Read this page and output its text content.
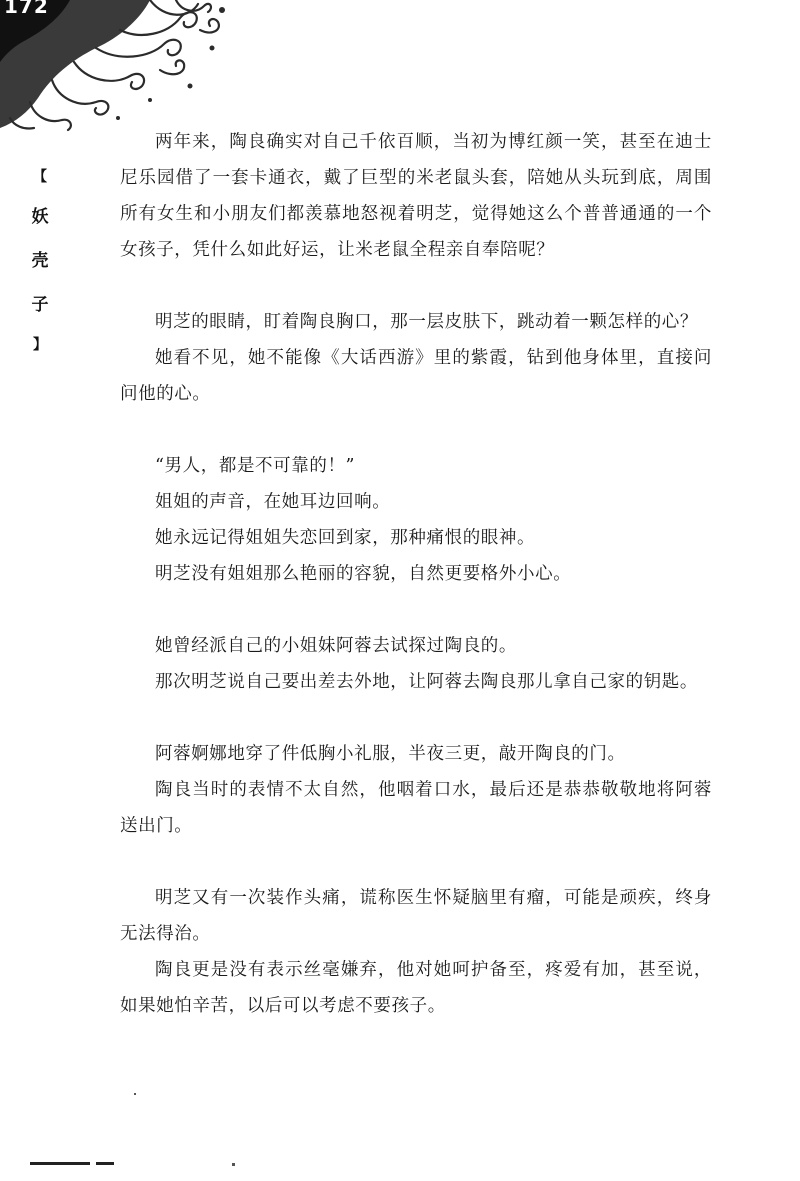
172
【
妖
壳
子
】

两年来，陶良确实对自己千依百顺，当初为博红颜一笑，甚至在迪士尼乐园借了一套卡通衣，戴了巨型的米老鼠头套，陪她从头玩到底，周围所有女生和小朋友们都羡慕地怒视着明芝，觉得她这么个普普通通的一个女孩子，凭什么如此好运，让米老鼠全程亲自奉陪呢？

明芝的眼睛，盯着陶良胸口，那一层皮肤下，跳动着一颗怎样的心？

她看不见，她不能像《大话西游》里的紫霞，钻到他身体里，直接问问他的心。

“男人，都是不可靠的！”

姐姐的声音，在她耳边回响。

她永远记得姐姐失恋回到家，那种痛恨的眼神。

明芝没有姐姐那么艳丽的容貌，自然更要格外小心。

她曾经派自己的小姐妹阿蓉去试探过陶良的。

那次明芝说自己要出差去外地，让阿蓉去陶良那儿拿自己家的钥匙。

阿蓉婀娜地穿了件低胸小礼服，半夜三更，敲开陶良的门。

陶良当时的表情不太自然，他咽着口水，最后还是恭恭敬敬地将阿蓉送出门。

明芝又有一次装作头痛，谎称医生怀疑脑里有瘤，可能是顽疾，终身无法得治。

陶良更是没有表示丝毫嫌弃，他对她呵护备至，疼爱有加，甚至说，如果她怕辛苦，以后可以考虑不要孩子。
